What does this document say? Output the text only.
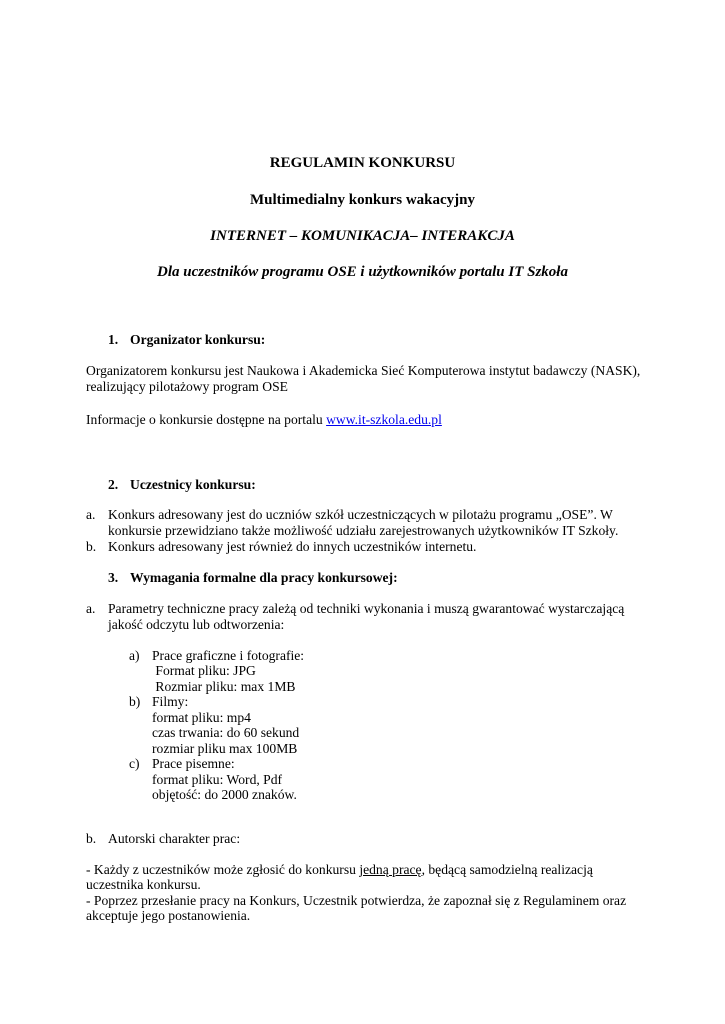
REGULAMIN KONKURSU
Multimedialny konkurs wakacyjny
INTERNET – KOMUNIKACJA– INTERAKCJA
Dla uczestników programu OSE i użytkowników portalu IT Szkoła
1. Organizator konkursu:
Organizatorem konkursu jest Naukowa i Akademicka Sieć Komputerowa instytut badawczy (NASK),
realizujący pilotażowy program OSE
Informacje o konkursie dostępne na portalu www.it-szkola.edu.pl
2. Uczestnicy konkursu:
a. Konkurs adresowany jest do uczniów szkół uczestniczących w pilotażu programu „OSE”. W
konkursie przewidziano także możliwość udziału zarejestrowanych użytkowników IT Szkoły.
b. Konkurs adresowany jest również do innych uczestników internetu.
3. Wymagania formalne dla pracy konkursowej:
a. Parametry techniczne pracy zależą od techniki wykonania i muszą gwarantować wystarczającą
jakość odczytu lub odtworzenia:
a) Prace graficzne i fotografie:
Format pliku: JPG
Rozmiar pliku: max 1MB
b) Filmy:
format pliku: mp4
czas trwania: do 60 sekund
rozmiar pliku max 100MB
c) Prace pisemne:
format pliku: Word, Pdf
objętość: do 2000 znaków.
b. Autorski charakter prac:
- Każdy z uczestników może zgłosić do konkursu jedną pracę, będącą samodzielną realizacją
uczestnika konkursu.
- Poprzez przesłanie pracy na Konkurs, Uczestnik potwierdza, że zapoznał się z Regulaminem oraz
akceptuje jego postanowienia.
